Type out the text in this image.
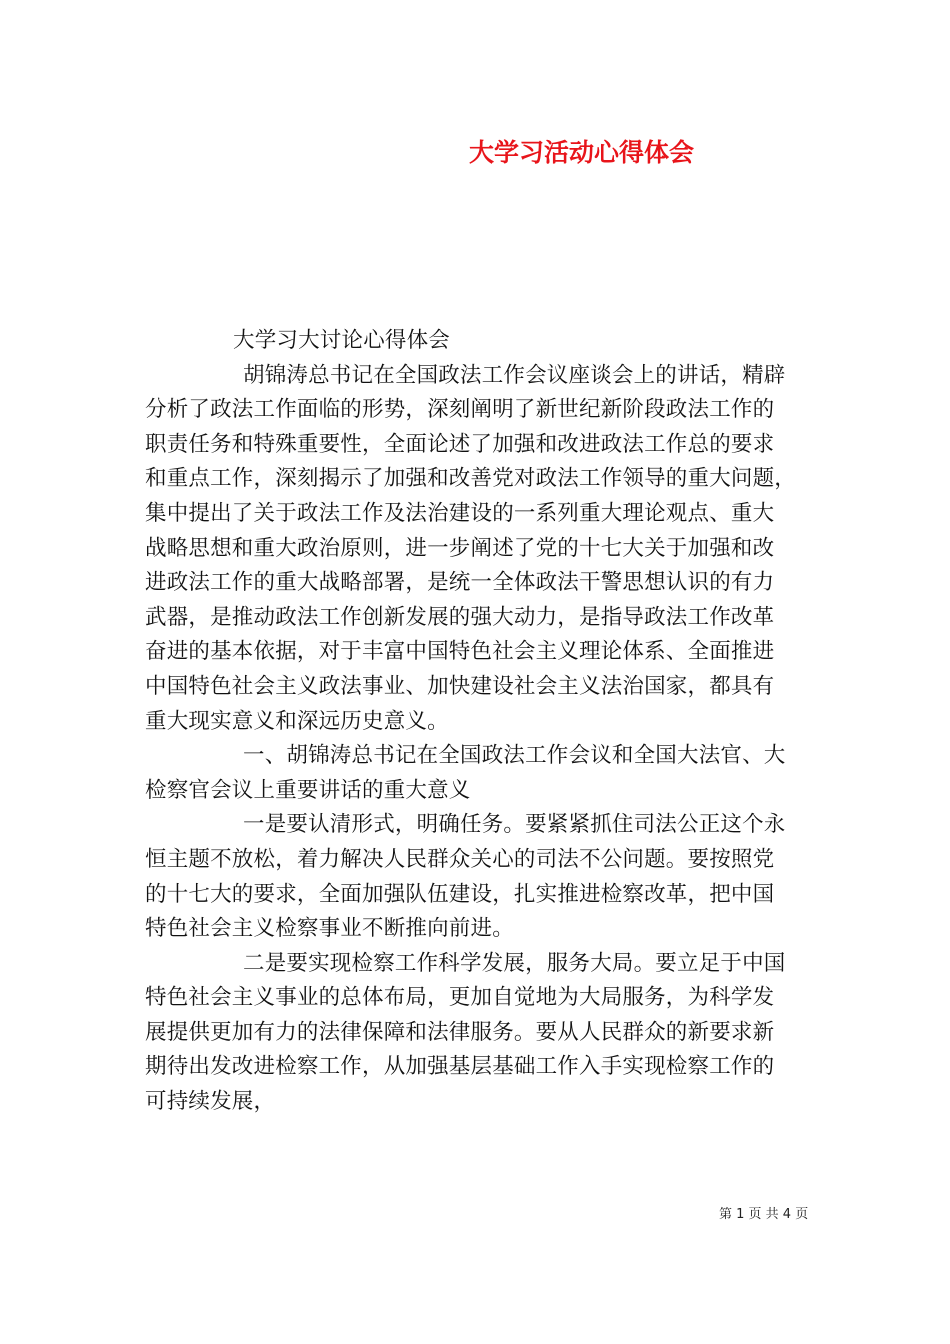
大学习活动心得体会
大学习大讨论心得体会
胡锦涛总书记在全国政法工作会议座谈会上的讲话，精辟
分析了政法工作面临的形势，深刻阐明了新世纪新阶段政法工作的
职责任务和特殊重要性，全面论述了加强和改进政法工作总的要求
和重点工作，深刻揭示了加强和改善党对政法工作领导的重大问题，
集中提出了关于政法工作及法治建设的一系列重大理论观点、重大
战略思想和重大政治原则，进一步阐述了党的十七大关于加强和改
进政法工作的重大战略部署，是统一全体政法干警思想认识的有力
武器，是推动政法工作创新发展的强大动力，是指导政法工作改革
奋进的基本依据，对于丰富中国特色社会主义理论体系、全面推进
中国特色社会主义政法事业、加快建设社会主义法治国家，都具有
重大现实意义和深远历史意义。
一、胡锦涛总书记在全国政法工作会议和全国大法官、大
检察官会议上重要讲话的重大意义
一是要认清形式，明确任务。要紧紧抓住司法公正这个永
恒主题不放松，着力解决人民群众关心的司法不公问题。要按照党
的十七大的要求，全面加强队伍建设，扎实推进检察改革，把中国
特色社会主义检察事业不断推向前进。
二是要实现检察工作科学发展，服务大局。要立足于中国
特色社会主义事业的总体布局，更加自觉地为大局服务，为科学发
展提供更加有力的法律保障和法律服务。要从人民群众的新要求新
期待出发改进检察工作，从加强基层基础工作入手实现检察工作的
可持续发展，
第 1 页 共 4 页
